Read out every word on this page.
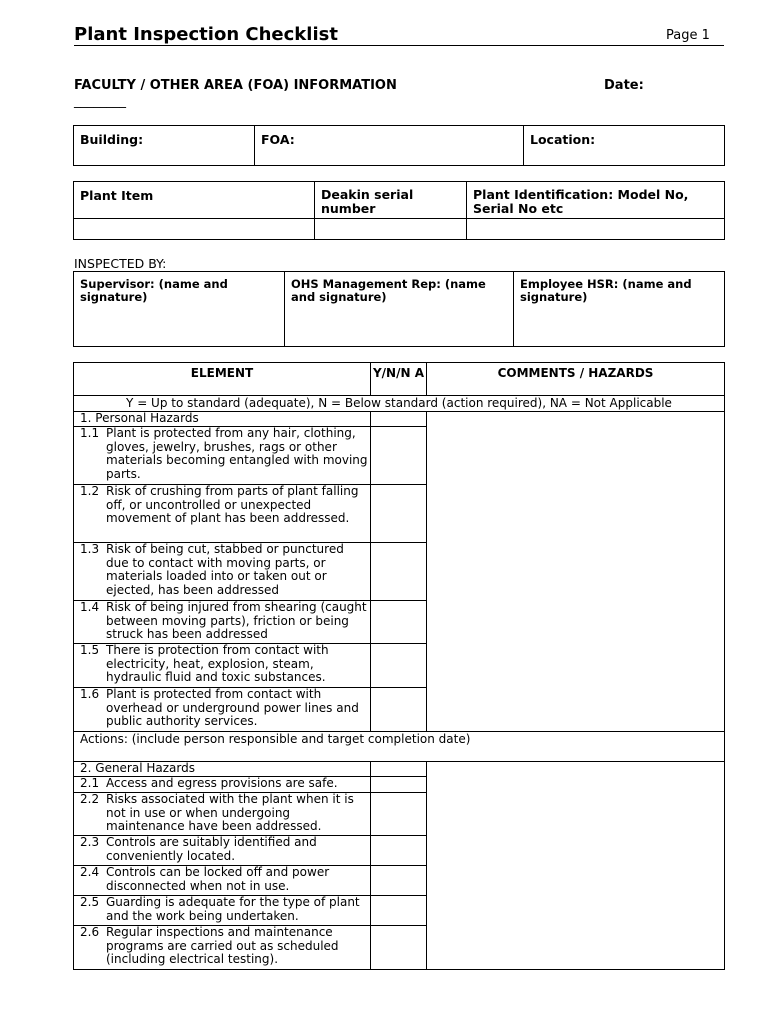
Plant Inspection Checklist	Page 1
FACULTY / OTHER AREA (FOA) INFORMATION	Date:
________
Building:	FOA:	Location:
Plant Item	Deakin serial number	Plant Identification: Model No, Serial No etc

INSPECTED BY:
Supervisor: (name and signature)	OHS Management Rep: (name and signature)	Employee HSR: (name and signature)
ELEMENT	Y/N/N A	COMMENTS / HAZARDS
Y = Up to standard (adequate), N = Below standard (action required), NA = Not Applicable		
1. Personal Hazards		

1.1 Plant is protected from any hair, clothing, gloves, jewelry, brushes, rags or other materials becoming entangled with moving parts.		

1.2 Risk of crushing from parts of plant falling off, or uncontrolled or unexpected movement of plant has been addressed.		

1.3 Risk of being cut, stabbed or punctured due to contact with moving parts, or materials loaded into or taken out or ejected, has been addressed		

1.4 Risk of being injured from shearing (caught between moving parts), friction or being struck has been addressed		

1.5 There is protection from contact with electricity, heat, explosion, steam, hydraulic fluid and toxic substances.		

1.6 Plant is protected from contact with overhead or underground power lines and public authority services.		

Actions: (include person responsible and target completion date)		
2. General Hazards		

2.1 Access and egress provisions are safe.		

2.2 Risks associated with the plant when it is not in use or when undergoing maintenance have been addressed.		

2.3 Controls are suitably identified and conveniently located.		

2.4 Controls can be locked off and power disconnected when not in use.		

2.5 Guarding is adequate for the type of plant and the work being undertaken.		

2.6 Regular inspections and maintenance programs are carried out as scheduled (including electrical testing).		
